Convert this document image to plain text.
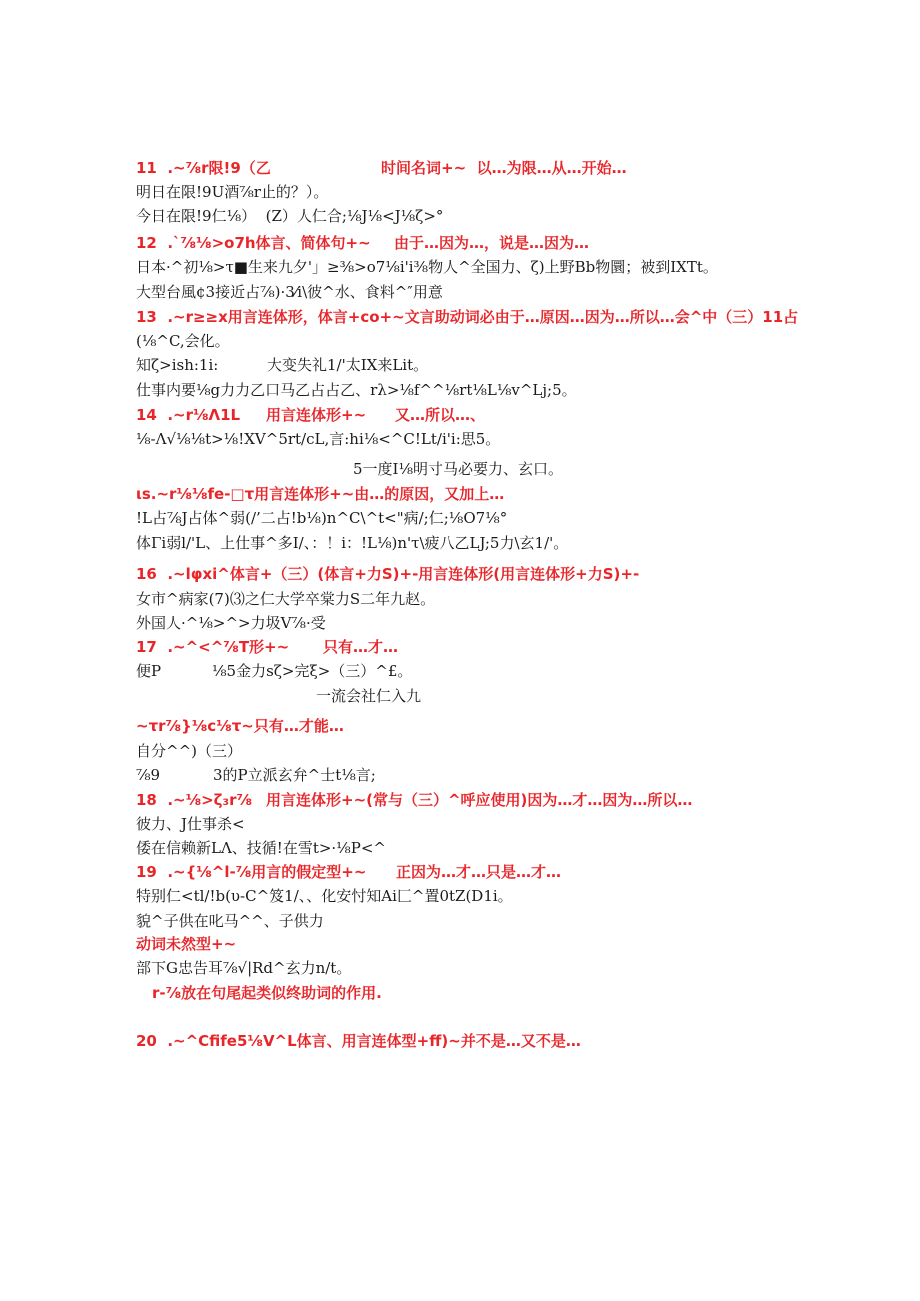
11  .~⅞r限!9（乙	时间名词+~  以…为限…从…开始…
明日在限!9U酒⅞r止的？）。
今日在限!9仁⅛）  (Z）人仁合;⅛J⅛<J⅛ζ>°
12  .`⅞⅛>o7h体言、简体句+~ 由于…因为…，说是…因为…
日本·^初⅛>τ■生来九夕'」≥⅜>o7⅛i'i⅜物人^全国力、ζ)上野Bb物圜；被到IXTt。
大型台風¢3接近占⅞)·3⁄i\彼^水、食料^″用意
13  .~r≥≥x用言连体形，体言+co+~文言助动词必由于…原因…因为…所以…会^中（三）11占
(⅛^C,会化。
知ζ>ish:1i:	大变失礼1/'太IX来Lit。
仕事内要⅛g力力乙口马乙占占乙、rλ>⅛f^^⅛rt⅛L⅛v^Lj;5。
14  .~r⅛Λ1L 用言连体形+~ 又…所以…、
⅛-Λ√⅛⅛t>⅛!XV^5rt/cL,言:hi⅛<^C!Lt∕i'i:思5。
5一度I⅛明寸马必要力、玄口。
ιs.~r⅛⅛fe-□τ用言连体形+~由…的原因，又加上…
!L占⅞J占体^弱(/’二占!b⅛)n^C\^t<"病/;仁;⅛O7⅛°
体Γi弱l/'L、上仕事^多I/、：！i：!L⅛)n'τ\疲八乙LJ;5力\玄1/'。
16  .~lφxi^体言+（三）(体言+力S)+-用言连体形(用言连体形+力S)+-
女市^病家(7)⑶之仁大学卒棠力S二年九赵。
外国人·^⅛>^>力圾V⅞·受
17  .~^<^⅞T形+~ 只有…才…
便P	⅛5金力sζ>完ξ>（三）^£。
一流会社仁入九
~τr⅞}⅛c⅛τ~只有…才能…
自分^^)（三）
⅞9	3的P立派玄弁^士t⅛言;
18  .~⅛>ζ₃r⅞ 用言连体形+~(常与（三）^呼应使用)因为…才…因为…所以…
彼力、J仕事杀<
倭在信赖新LΛ、技循!在雪t>·⅛P<^
19  .~{⅛^l-⅞用言的假定型+~ 正因为…才…只是…才…
特别仁<tl∕!b(υ-C^笈1/、、化安忖知Ai匚^置0tZ(D1i。
貌^子供在叱马^^、子供力
动词未然型+~
部下G忠告耳⅞√|Rd^玄力n/t。
r-⅞放在句尾起类似终助词的作用.
20  .~^Cfife5⅛V^L体言、用言连体型+ff)~并不是…又不是…
